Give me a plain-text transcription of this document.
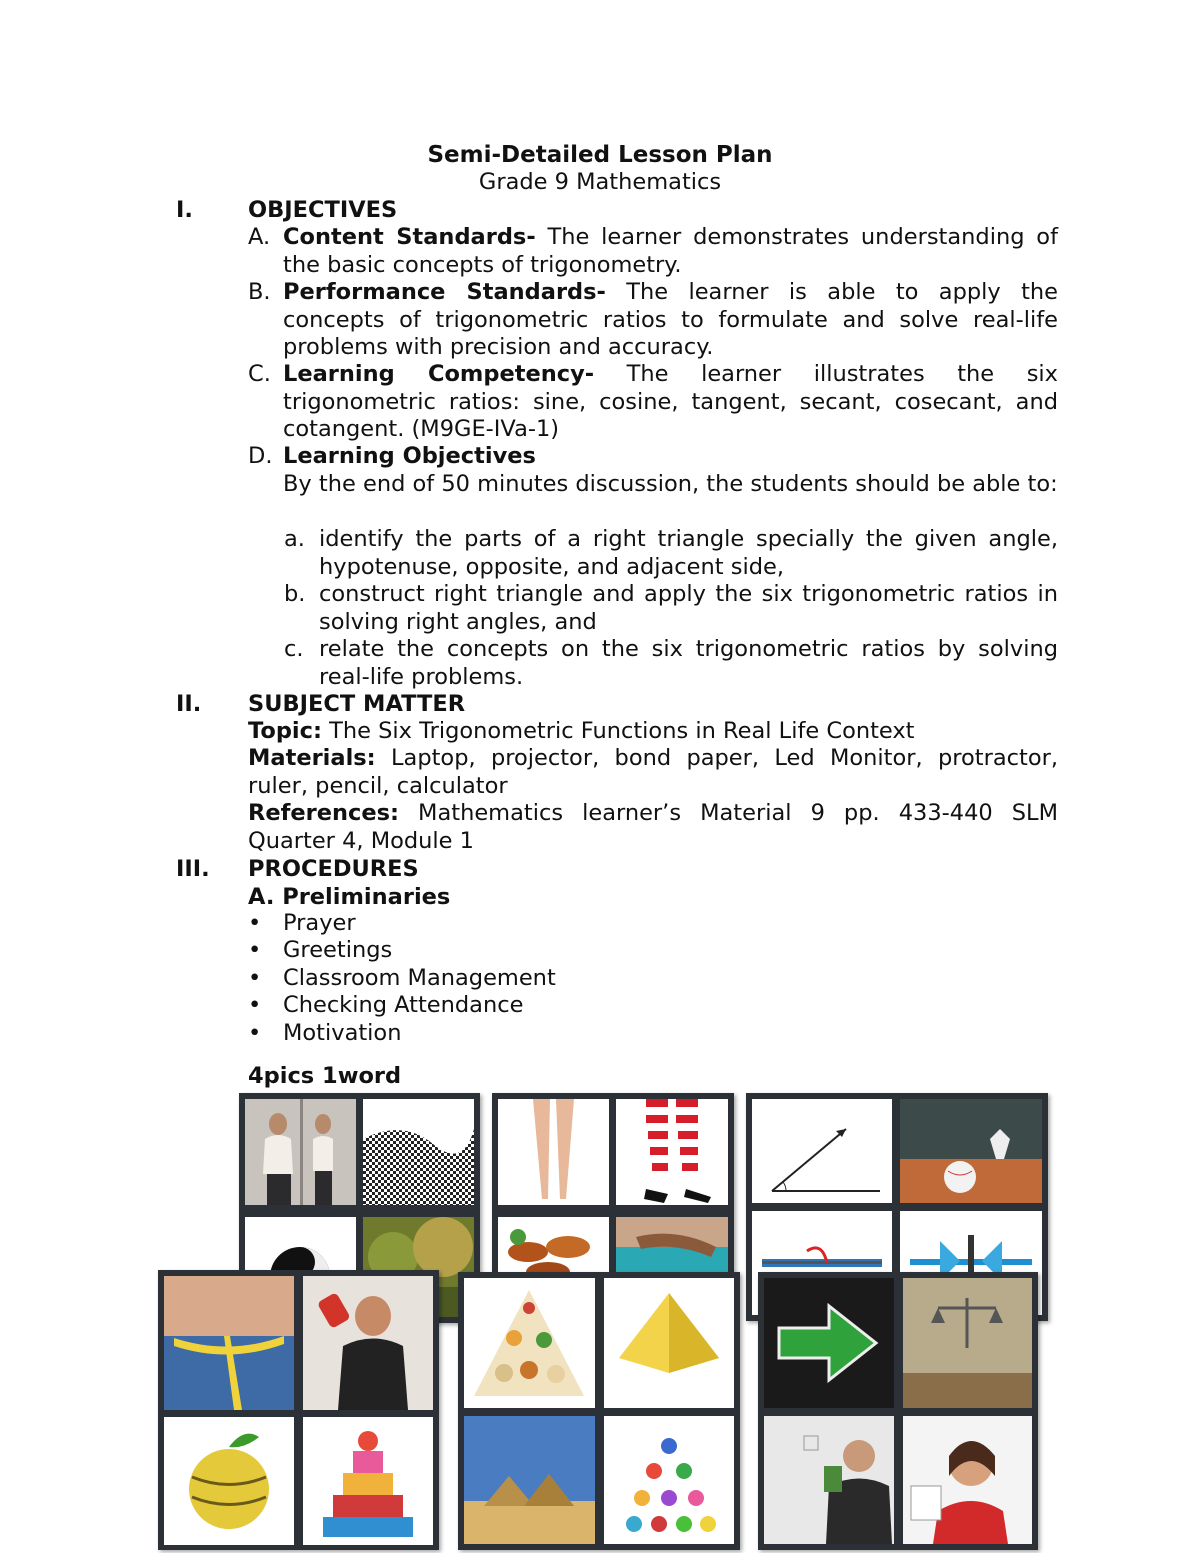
Semi-Detailed Lesson Plan
Grade 9 Mathematics
I. OBJECTIVES
A. Content Standards- The learner demonstrates understanding of the basic concepts of trigonometry.
B. Performance Standards- The learner is able to apply the concepts of trigonometric ratios to formulate and solve real-life problems with precision and accuracy.
C. Learning Competency- The learner illustrates the six trigonometric ratios: sine, cosine, tangent, secant, cosecant, and cotangent. (M9GE-IVa-1)
D. Learning Objectives
By the end of 50 minutes discussion, the students should be able to:
a. identify the parts of a right triangle specially the given angle, hypotenuse, opposite, and adjacent side,
b. construct right triangle and apply the six trigonometric ratios in solving right angles, and
c. relate the concepts on the six trigonometric ratios by solving real-life problems.
II. SUBJECT MATTER
Topic: The Six Trigonometric Functions in Real Life Context
Materials: Laptop, projector, bond paper, Led Monitor, protractor, ruler, pencil, calculator
References: Mathematics learner’s Material 9 pp. 433-440 SLM Quarter 4, Module 1
III. PROCEDURES
A. Preliminaries
• Prayer
• Greetings
• Classroom Management
• Checking Attendance
• Motivation
4pics 1word
